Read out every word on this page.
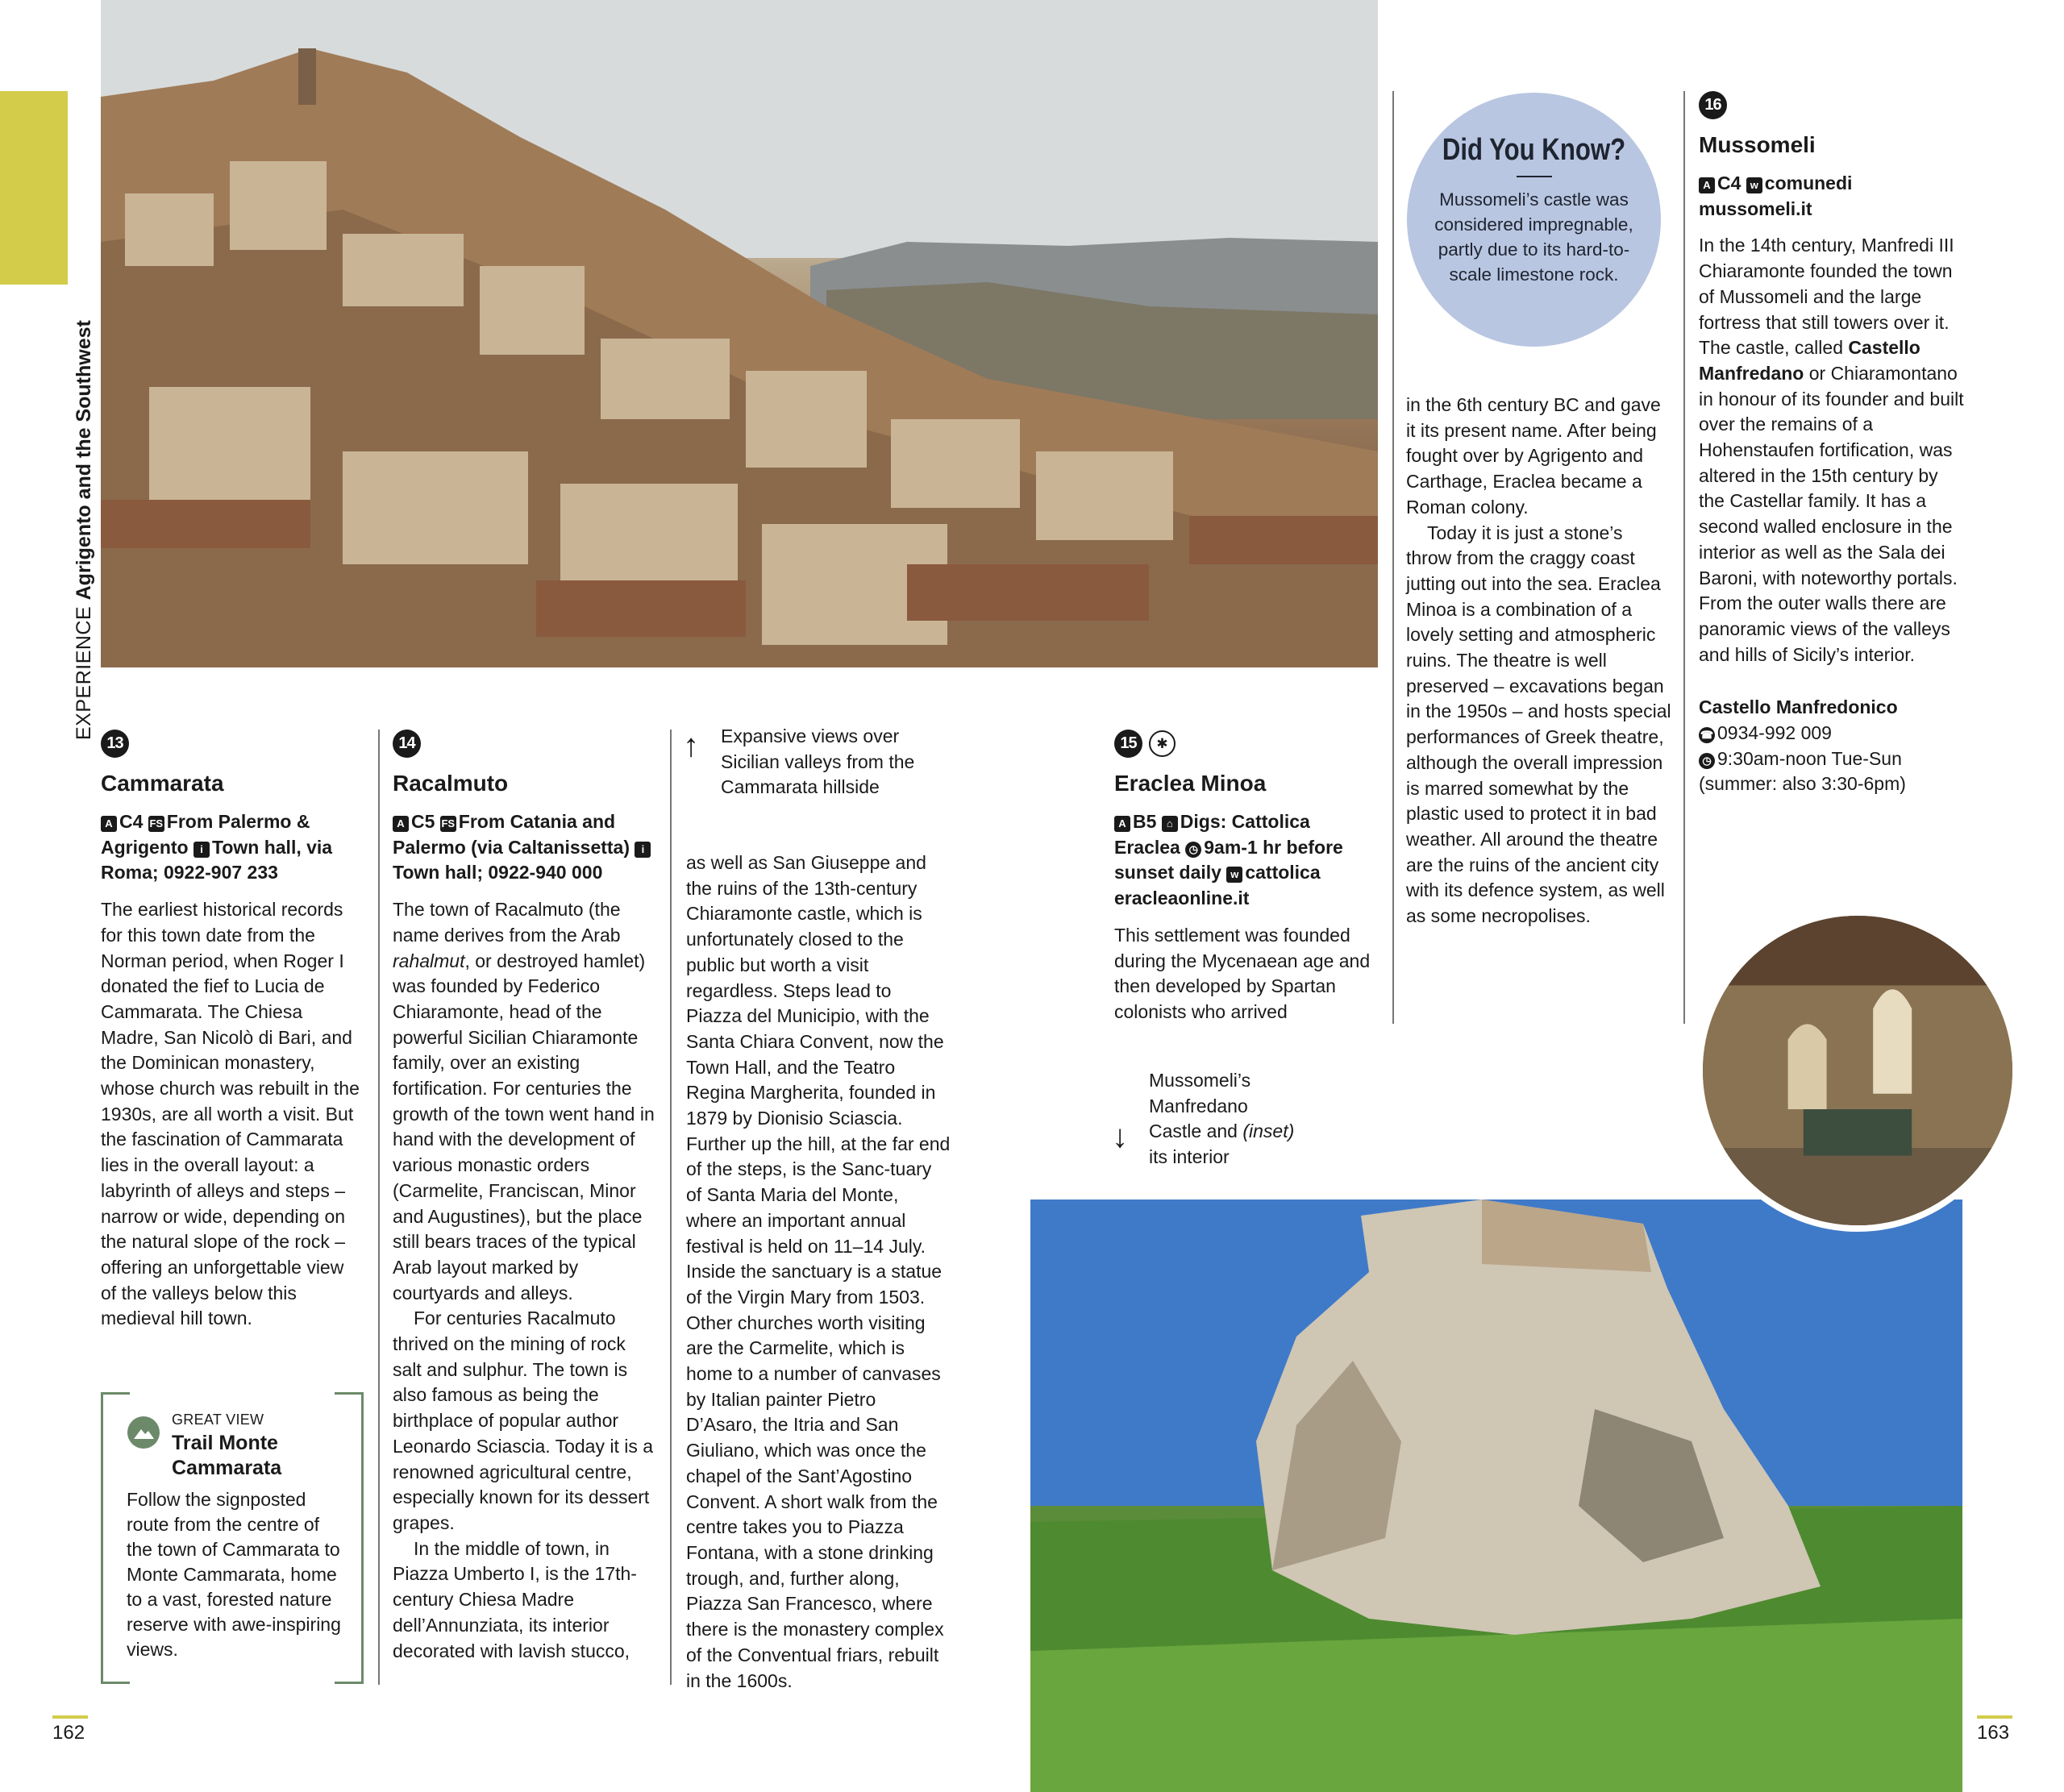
EXPERIENCE Agrigento and the Southwest
13
Cammarata
A C4 FS From Palermo & Agrigento i Town hall, via Roma; 0922-907 233

The earliest historical records for this town date from the Norman period, when Roger I donated the fief to Lucia de Cammarata. The Chiesa Madre, San Nicolò di Bari, and the Dominican monastery, whose church was rebuilt in the 1930s, are all worth a visit. But the fascination of Cammarata lies in the overall layout: a labyrinth of alleys and steps – narrow or wide, depending on the natural slope of the rock – offering an unforgettable view of the valleys below this medieval hill town.

GREAT VIEW
Trail Monte Cammarata
Follow the signposted route from the centre of the town of Cammarata to Monte Cammarata, home to a vast, forested nature reserve with awe-inspiring views.
14
Racalmuto
A C5 FS From Catania and Palermo (via Caltanissetta) iTown hall; 0922-940 000

The town of Racalmuto (the name derives from the Arab rahalmut, or destroyed hamlet) was founded by Federico Chiaramonte, head of the powerful Sicilian Chiaramonte family, over an existing fortification. For centuries the growth of the town went hand in hand with the development of various monastic orders (Carmelite, Franciscan, Minor and Augustines), but the place still bears traces of the typical Arab layout marked by courtyards and alleys.

For centuries Racalmuto thrived on the mining of rock salt and sulphur. The town is also famous as being the birthplace of popular author Leonardo Sciascia. Today it is a renowned agricultural centre, especially known for its dessert grapes.

In the middle of town, in Piazza Umberto I, is the 17th-century Chiesa Madre dell’Annunziata, its interior decorated with lavish stucco,

↑ Expansive views over Sicilian valleys from the Cammarata hillside

as well as San Giuseppe and the ruins of the 13th-century Chiaramonte castle, which is unfortunately closed to the public but worth a visit regardless. Steps lead to Piazza del Municipio, with the Santa Chiara Convent, now the Town Hall, and the Teatro Regina Margherita, founded in 1879 by Dionisio Sciascia. Further up the hill, at the far end of the steps, is the Sanc-tuary of Santa Maria del Monte, where an important annual festival is held on 11–14 July. Inside the sanctuary is a statue of the Virgin Mary from 1503. Other churches worth visiting are the Carmelite, which is home to a number of canvases by Italian painter Pietro D’Asaro, the Itria and San Giuliano, which was once the chapel of the Sant’Agostino Convent. A short walk from the centre takes you to Piazza Fontana, with a stone drinking trough, and, further along, Piazza San Francesco, where there is the monastery complex of the Conventual friars, rebuilt in the 1600s.

15 ✱
Eraclea Minoa
A B5 ⌂ Digs: Cattolica Eraclea ◷ 9am-1 hr before sunset daily w cattolica eracleaonline.it

This settlement was founded during the Mycenaean age and then developed by Spartan colonists who arrived

Did You Know?
Mussomeli’s castle was considered impregnable, partly due to its hard-to-scale limestone rock.

in the 6th century BC and gave it its present name. After being fought over by Agrigento and Carthage, Eraclea became a Roman colony.

Today it is just a stone’s throw from the craggy coast jutting out into the sea. Eraclea Minoa is a combination of a lovely setting and atmospheric ruins. The theatre is well preserved – excavations began in the 1950s – and hosts special performances of Greek theatre, although the overall impression is marred somewhat by the plastic used to protect it in bad weather. All around the theatre are the ruins of the ancient city with its defence system, as well as some necropolises.

16
Mussomeli
A C4 w comunedi mussomeli.it

In the 14th century, Manfredi III Chiaramonte founded the town of Mussomeli and the large fortress that still towers over it. The castle, called Castello Manfredano or Chiaramontano in honour of its founder and built over the remains of a Hohenstaufen fortification, was altered in the 15th century by the Castellar family. It has a second walled enclosure in the interior as well as the Sala dei Baroni, with noteworthy portals. From the outer walls there are panoramic views of the valleys and hills of Sicily’s interior.

Castello Manfredonico
☎ 0934-992 009
◷ 9:30am-noon Tue-Sun (summer: also 3:30-6pm)
↓
Mussomeli’s
Manfredano
Castle and (inset)
its interior
162	163
